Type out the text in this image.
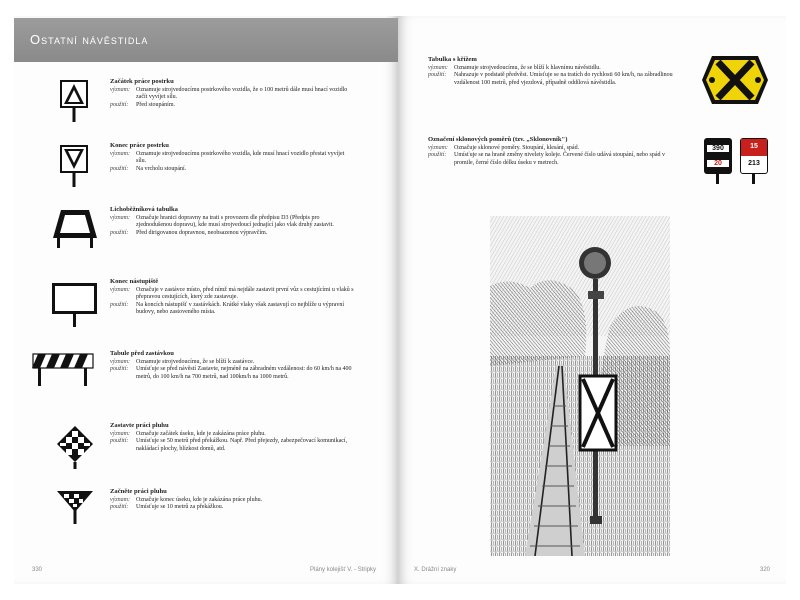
Ostatní návěstidla
Začátek práce postrku
význam:	Oznamuje strojvedoucímu postrkového vozidla, že o 100 metrů dále musí hnací vozidlo začít vyvíjet sílu.
použití:	Před stoupáním.
Konec práce postrku
význam:	Oznamuje strojvedoucímu postrkového vozidla, kde musí hnací vozidlo přestat vyvíjet sílu.
použití:	Na vrcholu stoupání.
Lichoběžníková tabulka
význam:	Označuje hranici dopravny na trati s provozem dle předpisu D3 (Předpis pro zjednodušenou dopravu), kde musí strojvedoucí jednající jako vlak druhý zastavit.
použití:	Před dirigovanou dopravnou, neobsazenou výpravčím.
Konec nástupiště
význam:	Označuje v zastávce místo, před nímž má nejdále zastavit první vůz s cestujícími u vlaků s přepravou cestujících, který zde zastavuje.
použití:	Na koncích nástupišť v zastávkách. Krátké vlaky však zastavují co nejblíže u výpravní budovy, nebo zastoveného místa.
Tabule před zastávkou
význam:	Oznamuje strojvedoucímu, že se blíží k zastávce.
použití:	Umísťuje se před návěstí Zastavte, nejméně na zábradném vzdálenost: do 60 km/h na 400 metrů, do 100 km/h na 700 metrů, nad 100km/h na 1000 metrů.
Zastavte práci pluhu
význam:	Označuje začátek úseku, kde je zakázána práce pluhu.
použití:	Umísťuje se 50 metrů před překážkou. Např. Před přejezdy, zabezpečovací komunikací, nakládací plochy, blízkost domů, atd.
Začněte práci pluhu
význam:	Označuje konec úseku, kde je zakázána práce pluhu.
použití:	Umísťuje se 10 metrů za překážkou.
Tabulka s křížem
význam:	Oznamuje strojvedoucímu, že se blíží k hlavnímu návěstidlu.
použití:	Nahrazuje v podstatě předvěst. Umísťuje se na tratích do rychlosti 60 km/h, na zábradlinou vzdálenost 100 metrů, před vjezdová, případně oddílová návěstidla.
Označení sklonových poměrů (tzv. „Sklonovník")
význam:	Označuje sklonové poměry. Stoupání, klesání, spád.
použití:	Umísťuje se na hraně změny nivelety koleje. Červené číslo udává stoupání, nebo spád v promile, černé číslo délku úseku v metrech.
390
20
15
213
330	Plány kolejišť V. - Stripky	X. Drážní znaky	320
